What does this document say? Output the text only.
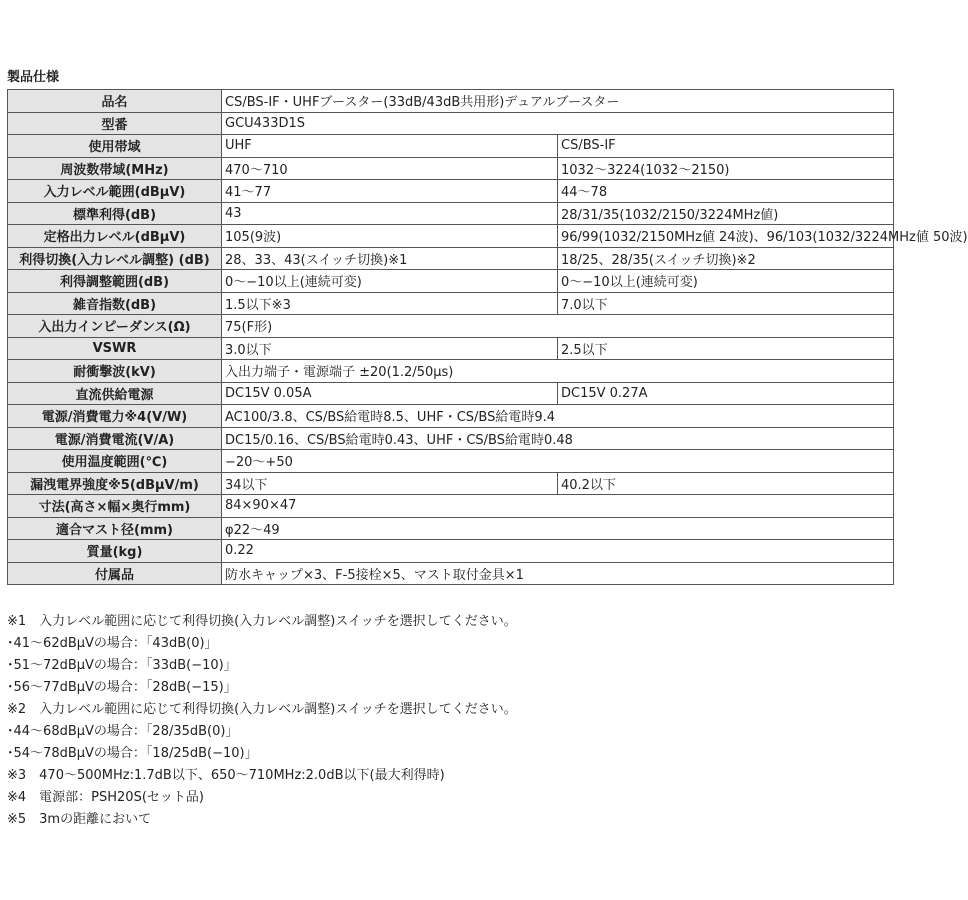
製品仕様
品名	CS/BS-IF・UHFブースター(33dB/43dB共用形)デュアルブースター	
型番	GCU433D1S	
使用帯域	UHF	CS/BS-IF
周波数帯域(MHz)	470〜710	1032〜3224(1032〜2150)
入力レベル範囲(dBμV)	41〜77	44〜78
標準利得(dB)	43	28/31/35(1032/2150/3224MHz値)
定格出力レベル(dBμV)	105(9波)	96/99(1032/2150MHz値 24波)、96/103(1032/3224MHz値 50波)
利得切換(入力レベル調整) (dB)	28、33、43(スイッチ切換)※1	18/25、28/35(スイッチ切換)※2
利得調整範囲(dB)	0〜−10以上(連続可変)	0〜−10以上(連続可変)
雑音指数(dB)	1.5以下※3	7.0以下
入出力インピーダンス(Ω)	75(F形)	
VSWR	3.0以下	2.5以下
耐衝撃波(kV)	入出力端子・電源端子 ±20(1.2/50μs)	
直流供給電源	DC15V 0.05A	DC15V 0.27A
電源/消費電力※4(V/W)	AC100/3.8、CS/BS給電時8.5、UHF・CS/BS給電時9.4	
電源/消費電流(V/A)	DC15/0.16、CS/BS給電時0.43、UHF・CS/BS給電時0.48	
使用温度範囲(℃)	−20〜+50	
漏洩電界強度※5(dBμV/m)	34以下	40.2以下
寸法(高さ×幅×奥行mm)	84×90×47	
適合マスト径(mm)	φ22〜49	
質量(kg)	0.22	
付属品	防水キャップ×3、F-5接栓×5、マスト取付金具×1	
※1　入力レベル範囲に応じて利得切換(入力レベル調整)スイッチを選択してください。
･41〜62dBμVの場合：「43dB(0)」
･51〜72dBμVの場合：「33dB(−10)」
･56〜77dBμVの場合：「28dB(−15)」
※2　入力レベル範囲に応じて利得切換(入力レベル調整)スイッチを選択してください。
･44〜68dBμVの場合：「28/35dB(0)」
･54〜78dBμVの場合：「18/25dB(−10)」
※3　470〜500MHz:1.7dB以下、650〜710MHz:2.0dB以下(最大利得時)
※4　電源部：PSH20S(セット品)
※5　3mの距離において
